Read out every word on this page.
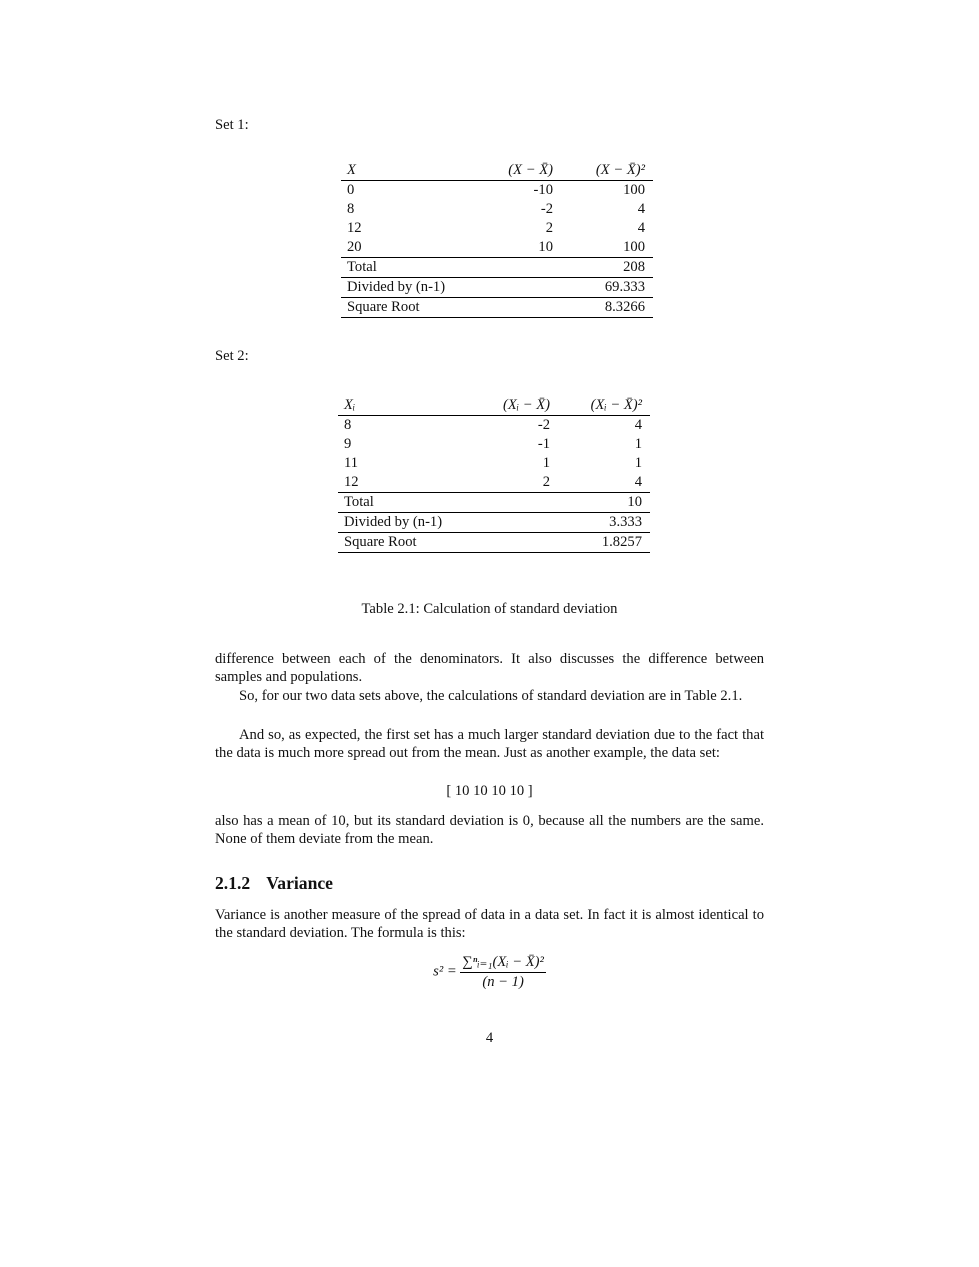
Set 1:
X	(X − X̄)	(X − X̄)²
0	-10	100
8	-2	4
12	2	4
20	10	100
Total		208
Divided by (n-1)		69.333
Square Root		8.3266
Set 2:
Xᵢ	(Xᵢ − X̄)	(Xᵢ − X̄)²
8	-2	4
9	-1	1
11	1	1
12	2	4
Total		10
Divided by (n-1)		3.333
Square Root		1.8257
Table 2.1: Calculation of standard deviation
difference between each of the denominators. It also discusses the difference between samples and populations.
So, for our two data sets above, the calculations of standard deviation are in Table 2.1.
And so, as expected, the first set has a much larger standard deviation due to the fact that the data is much more spread out from the mean. Just as another example, the data set:
[ 10 10 10 10 ]
also has a mean of 10, but its standard deviation is 0, because all the numbers are the same. None of them deviate from the mean.
2.1.2 Variance
Variance is another measure of the spread of data in a data set. In fact it is almost identical to the standard deviation. The formula is this:
$s^2 = \frac{\text{∑ⁿᵢ₌₁(Xᵢ − X̄)²}}{(n - 1)}$
4
